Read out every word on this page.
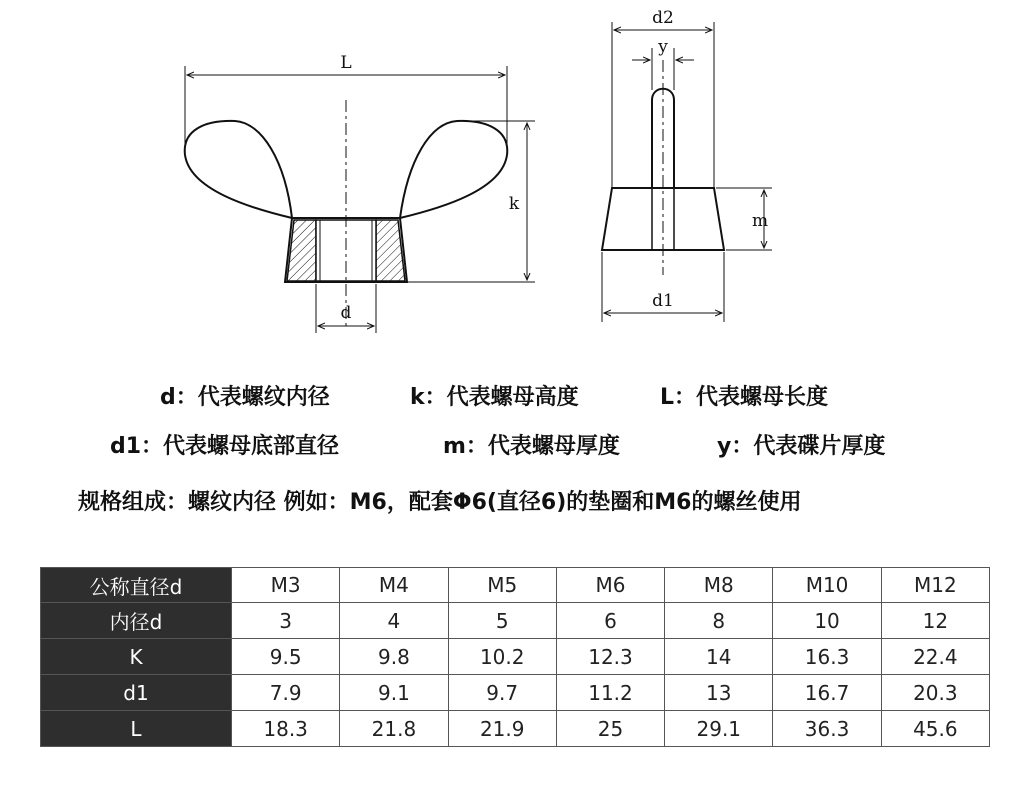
L
k
d
d2
y
m
d1
d：代表螺纹内径	k：代表螺母高度	L：代表螺母长度
d1：代表螺母底部直径	m：代表螺母厚度	y：代表碟片厚度
规格组成：螺纹内径 例如：M6，配套Φ6(直径6)的垫圈和M6的螺丝使用
公称直径d	M3	M4	M5	M6	M8	M10	M12
内径d	3	4	5	6	8	10	12
K	9.5	9.8	10.2	12.3	14	16.3	22.4
d1	7.9	9.1	9.7	11.2	13	16.7	20.3
L	18.3	21.8	21.9	25	29.1	36.3	45.6
